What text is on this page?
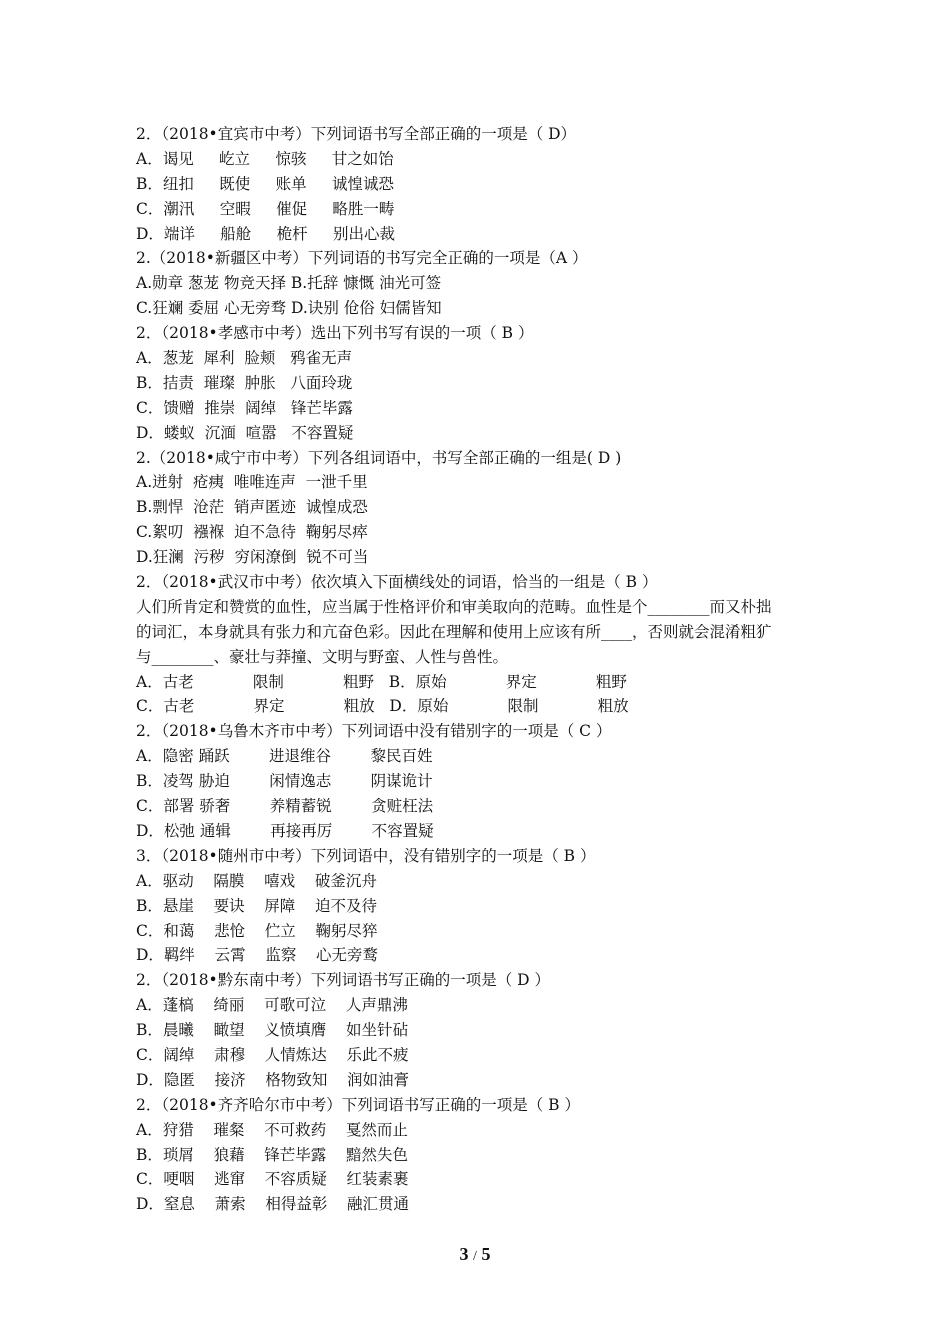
2．（2018•宜宾市中考）下列词语书写全部正确的一项是（ D）
A．谒见　  屹立　  惊骇　  甘之如饴
B．纽扣　  既使　  账单　  诚惶诚恐
C．潮汛　  空暇　  催促　  略胜一畴
D．端详　  船舱　  桅杆　  别出心裁
2.（2018•新疆区中考）下列词语的书写完全正确的一项是（A ）
A.勋章 葱茏 物竞天择 B.托辞 慷慨 油光可签
C.狂斓 委屈 心无旁骛 D.诀别 伧俗 妇儒皆知
2．（2018•孝感市中考）选出下列书写有误的一项（ B ）
A．葱茏  犀利  脸颊   鸦雀无声
B．拮责  璀璨  肿胀   八面玲珑
C．馈赠  推崇  阔绰   锋芒毕露
D．蝼蚁  沉湎  喧嚣   不容置疑
2.（2018•咸宁市中考）下列各组词语中，书写全部正确的一组是( D )
A.迸射  疮痍  唯唯连声  一泄千里
B.剽悍  沧茫  销声匿迹  诚惶成恐
C.絮叨  襁褓  迫不急待  鞠躬尽瘁
D.狂澜  污秽  穷闲潦倒  锐不可当
2．（2018•武汉市中考）依次填入下面横线处的词语，恰当的一组是（ B ）
人们所肯定和赞赏的血性，应当属于性格评价和审美取向的范畴。血性是个________而又朴拙
的词汇，本身就具有张力和亢奋色彩。因此在理解和使用上应该有所____，否则就会混淆粗犷
与________、豪壮与莽撞、文明与野蛮、人性与兽性。
A．古老            限制            粗野   B．原始            界定            粗野
C．古老            界定            粗放   D．原始            限制            粗放
2．（2018•乌鲁木齐市中考）下列词语中没有错别字的一项是（ C ）
A．隐密 踊跃        进退维谷        黎民百姓
B．凌驾 胁迫        闲情逸志        阴谋诡计
C．部署 骄奢        养精蓄锐        贪赃枉法
D．松弛 通辑        再接再厉        不容置疑
3．（2018•随州市中考）下列词语中，没有错别字的一项是（ B ）
A．驱动    隔膜    嘻戏    破釜沉舟
B．悬崖    要诀    屏障    迫不及待
C．和蔼    悲怆    伫立    鞠躬尽猝
D．羁绊    云霄    监察    心无旁鹜
2．（2018•黔东南中考）下列词语书写正确的一项是（ D ）
A．蓬槁    绮丽    可歌可泣    人声鼎沸
B．晨曦    瞰望    义愤填膺    如坐针砧
C．阔绰    肃穆    人情炼达    乐此不疲
D．隐匿    接济    格物致知    润如油膏
2．（2018•齐齐哈尔市中考）下列词语书写正确的一项是（ B ）
A．狩猎    璀粲    不可救药    戛然而止
B．琐屑    狼藉    锋芒毕露    黯然失色
C．哽咽    逃窜    不容质疑    红装素裹
D．窒息    萧索    相得益彰    融汇贯通
3 / 5
